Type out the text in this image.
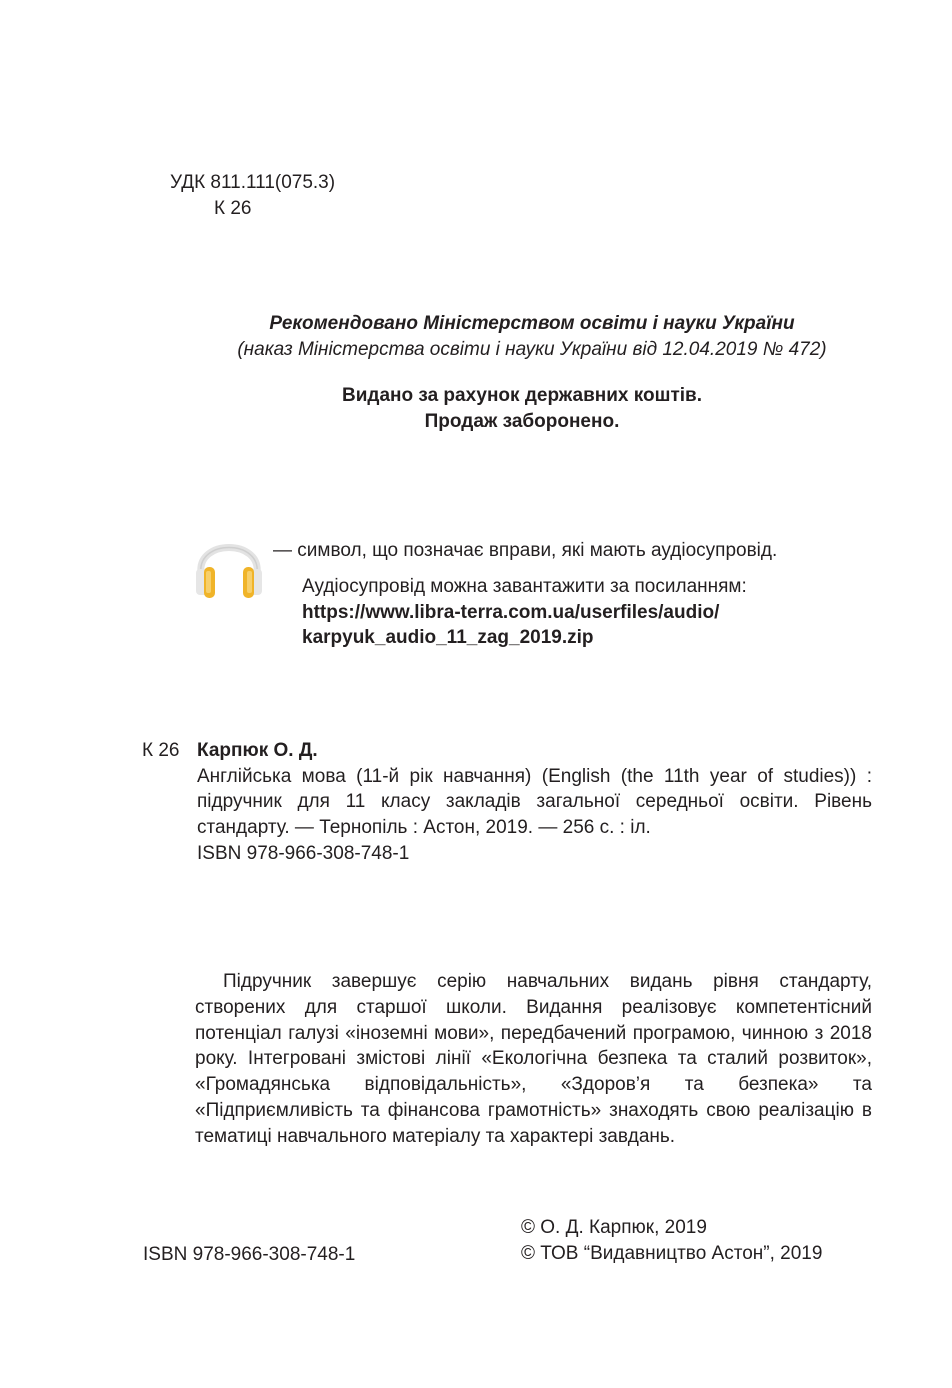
УДК 811.111(075.3)
К 26
Рекомендовано Міністерством освіти і науки України
(наказ Міністерства освіти і науки України від 12.04.2019 № 472)
Видано за рахунок державних коштів.
Продаж заборонено.
— символ, що позначає вправи, які мають аудіосупровід.
Аудіосупровід можна завантажити за посиланням:
https://www.libra-terra.com.ua/userfiles/audio/
karpyuk_audio_11_zag_2019.zip
К 26 Карпюк О. Д.
Англійська мова (11-й рік навчання) (English (the 11th year of studies)) : підручник для 11 класу закладів загальної середньої освіти. Рівень стандарту. — Тернопіль : Астон, 2019. — 256 с. : іл.
ISBN 978-966-308-748-1
Підручник завершує серію навчальних видань рівня стандарту, створених для старшої школи. Видання реалізовує компетентісний потенціал галузі «іноземні мови», передбачений програмою, чинною з 2018 року. Інтегровані змістові лінії «Екологічна безпека та сталий розвиток», «Громадянська відповідальність», «Здоров’я та безпека» та «Підприємливість та фінансова грамотність» знаходять свою реалізацію в тематиці навчального матеріалу та характері завдань.
ISBN 978-966-308-748-1
© О. Д. Карпюк, 2019
© ТОВ “Видавництво Астон”, 2019
